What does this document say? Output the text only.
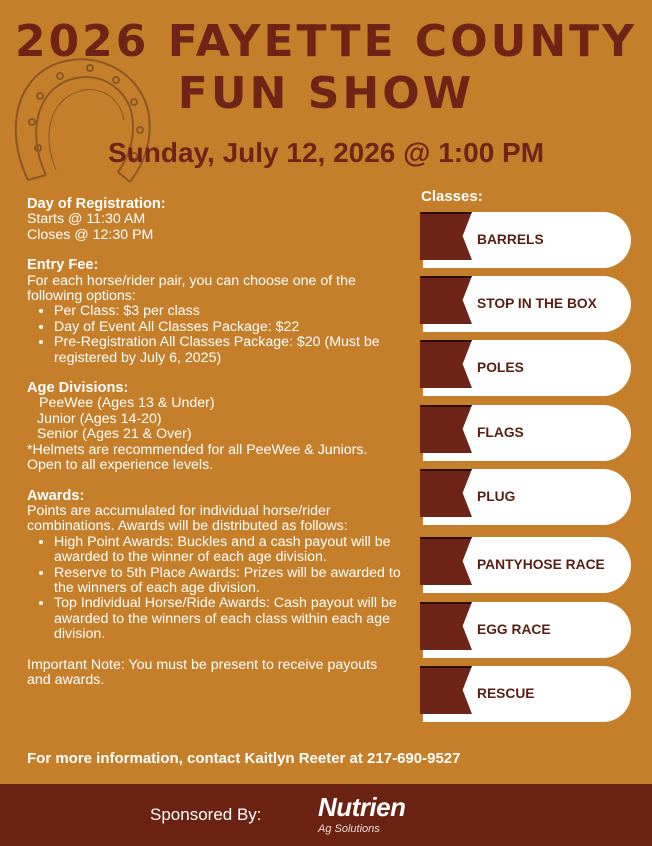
2026 FAYETTE COUNTY
FUN SHOW
Sunday, July 12, 2026 @ 1:00 PM
Day of Registration:
Starts @ 11:30 AM
Closes @ 12:30 PM
Entry Fee:
For each horse/rider pair, you can choose one of the following options:
• Per Class: $3 per class
• Day of Event All Classes Package: $22
• Pre-Registration All Classes Package: $20 (Must be registered by July 6, 2025)
Age Divisions:
PeeWee (Ages 13 & Under)
Junior (Ages 14-20)
Senior (Ages 21 & Over)
*Helmets are recommended for all PeeWee & Juniors. Open to all experience levels.
Awards:
Points are accumulated for individual horse/rider combinations. Awards will be distributed as follows:
• High Point Awards: Buckles and a cash payout will be awarded to the winner of each age division.
• Reserve to 5th Place Awards: Prizes will be awarded to the winners of each age division.
• Top Individual Horse/Ride Awards: Cash payout will be awarded to the winners of each class within each age division.
Important Note: You must be present to receive payouts and awards.
For more information, contact Kaitlyn Reeter at 217-690-9527
Classes:
BARRELS
STOP IN THE BOX
POLES
FLAGS
PLUG
PANTYHOSE RACE
EGG RACE
RESCUE
Sponsored By: Nutrien
Ag Solutions
